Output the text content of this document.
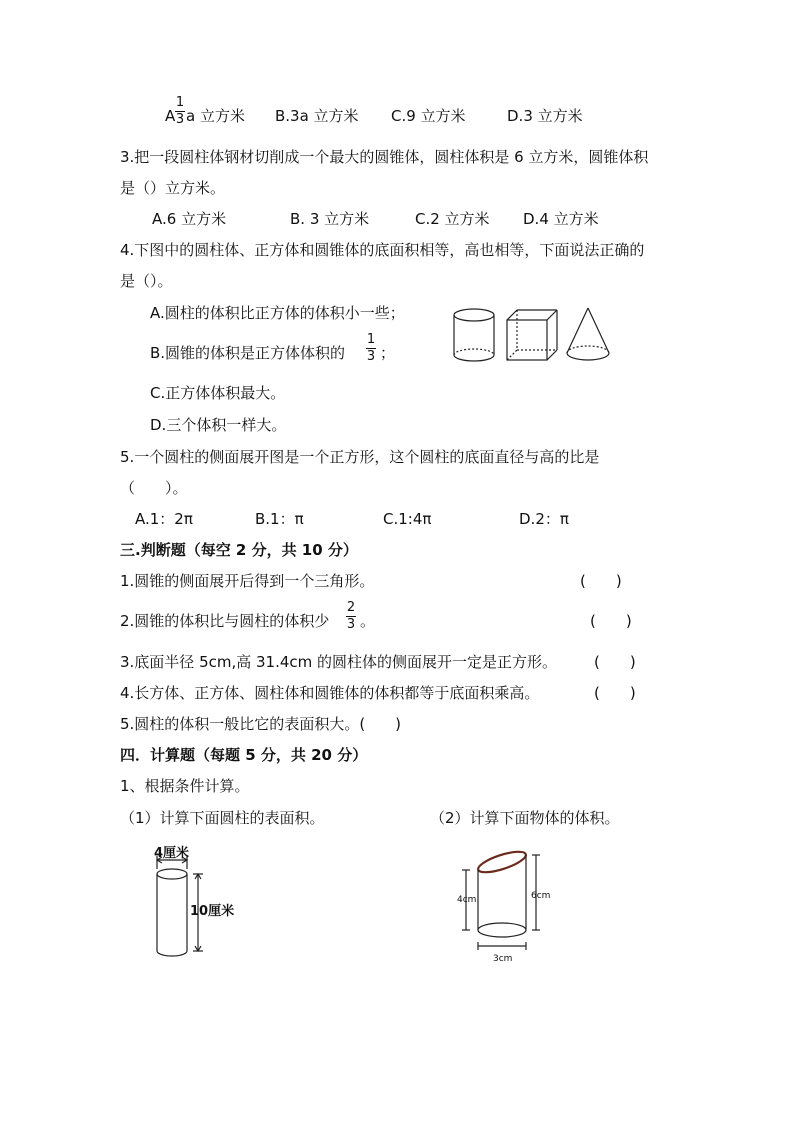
A
1
3 a 立方米 B.3a 立方米 C.9 立方米	D.3 立方米
3.把一段圆柱体钢材切削成一个最大的圆锥体，圆柱体积是 6 立方米，圆锥体积
是（）立方米。
A.6 立方米	B. 3 立方米	C.2 立方米 D.4 立方米
4.下图中的圆柱体、正方体和圆锥体的底面积相等，高也相等，下面说法正确的
是（）。
A.圆柱的体积比正方体的体积小一些；
B.圆锥的体积是正方体体积的
1
3 ；
C.正方体体积最大。
D.三个体积一样大。
5.一个圆柱的侧面展开图是一个正方形，这个圆柱的底面直径与高的比是
（　　）。
A.1：2π	B.1：π	C.1:4π	D.2：π
三.判断题（每空 2 分，共 10 分）
1.圆锥的侧面展开后得到一个三角形。	(　　)
2.圆锥的体积比与圆柱的体积少
2
3 。	(　　)
3.底面半径 5cm,高 31.4cm 的圆柱体的侧面展开一定是正方形。 (　　)
4.长方体、正方体、圆柱体和圆锥体的体积都等于底面积乘高。	(　　)
5.圆柱的体积一般比它的表面积大。(　　)
四．计算题（每题 5 分，共 20 分）
1、根据条件计算。
（1）计算下面圆柱的表面积。	（2）计算下面物体的体积。
4厘米
10厘米
4cm	6cm
3cm
